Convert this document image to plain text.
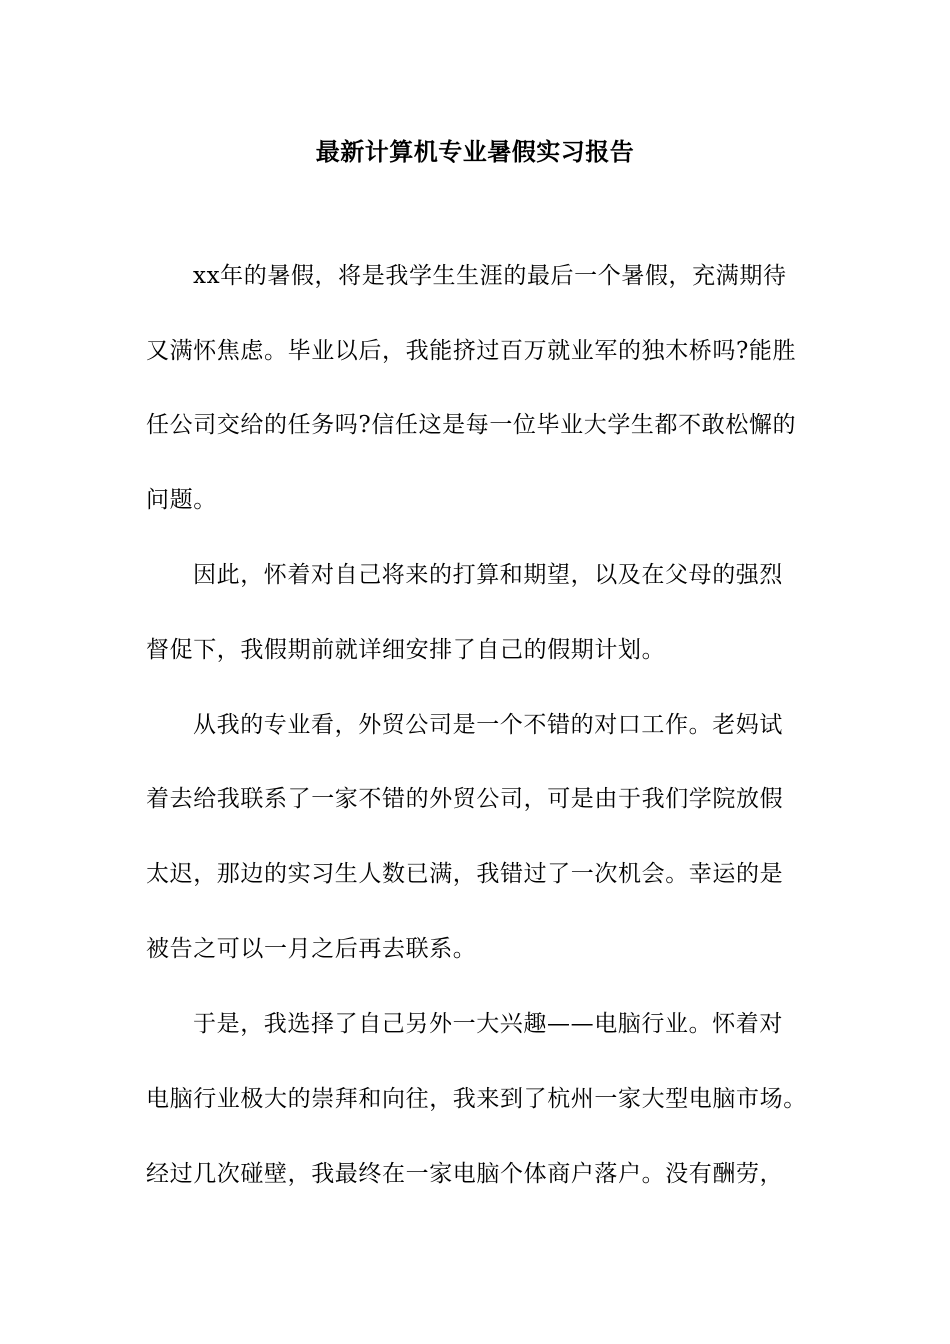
最新计算机专业暑假实习报告
xx年的暑假，将是我学生生涯的最后一个暑假，充满期待
又满怀焦虑。毕业以后，我能挤过百万就业军的独木桥吗?能胜
任公司交给的任务吗?信任这是每一位毕业大学生都不敢松懈的
问题。
因此，怀着对自己将来的打算和期望，以及在父母的强烈
督促下，我假期前就详细安排了自己的假期计划。
从我的专业看，外贸公司是一个不错的对口工作。老妈试
着去给我联系了一家不错的外贸公司，可是由于我们学院放假
太迟，那边的实习生人数已满，我错过了一次机会。幸运的是
被告之可以一月之后再去联系。
于是，我选择了自己另外一大兴趣——电脑行业。怀着对
电脑行业极大的崇拜和向往，我来到了杭州一家大型电脑市场。
经过几次碰壁，我最终在一家电脑个体商户落户。没有酬劳，
